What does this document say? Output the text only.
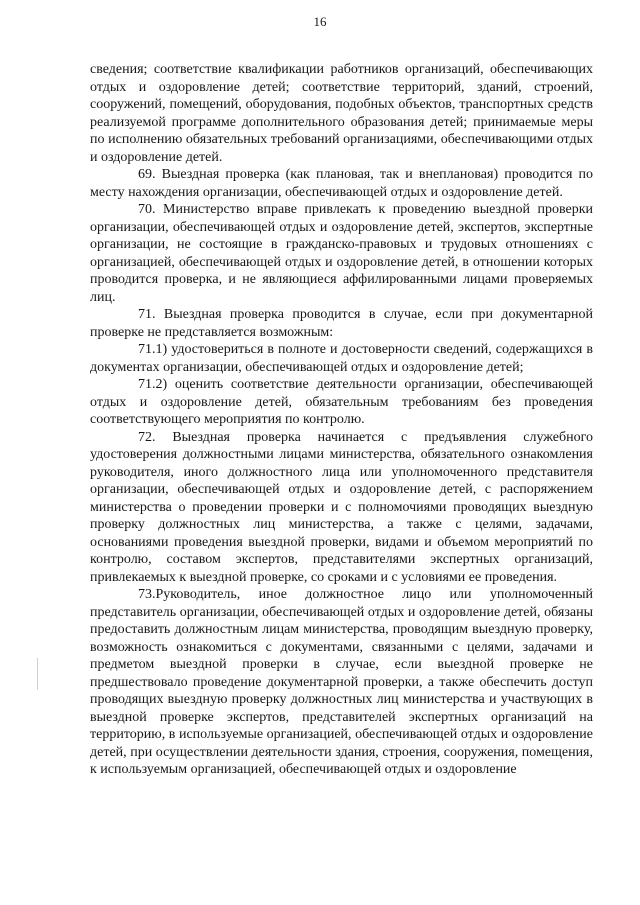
16

сведения; соответствие квалификации работников организаций, обеспечивающих отдых и оздоровление детей; соответствие территорий, зданий, строений, сооружений, помещений, оборудования, подобных объектов, транспортных средств реализуемой программе дополнительного образования детей; принимаемые меры по исполнению обязательных требований организациями, обеспечивающими отдых и оздоровление детей.

69. Выездная проверка (как плановая, так и внеплановая) проводится по месту нахождения организации, обеспечивающей отдых и оздоровление детей.

70. Министерство вправе привлекать к проведению выездной проверки организации, обеспечивающей отдых и оздоровление детей, экспертов, экспертные организации, не состоящие в гражданско-правовых и трудовых отношениях с организацией, обеспечивающей отдых и оздоровление детей, в отношении которых проводится проверка, и не являющиеся аффилированными лицами проверяемых лиц.

71. Выездная проверка проводится в случае, если при документарной проверке не представляется возможным:

71.1) удостовериться в полноте и достоверности сведений, содержащихся в документах организации, обеспечивающей отдых и оздоровление детей;

71.2) оценить соответствие деятельности организации, обеспечивающей отдых и оздоровление детей, обязательным требованиям без проведения соответствующего мероприятия по контролю.

72. Выездная проверка начинается с предъявления служебного удостоверения должностными лицами министерства, обязательного ознакомления руководителя, иного должностного лица или уполномоченного представителя организации, обеспечивающей отдых и оздоровление детей, с распоряжением министерства о проведении проверки и с полномочиями проводящих выездную проверку должностных лиц министерства, а также с целями, задачами, основаниями проведения выездной проверки, видами и объемом мероприятий по контролю, составом экспертов, представителями экспертных организаций, привлекаемых к выездной проверке, со сроками и с условиями ее проведения.

73.Руководитель, иное должностное лицо или уполномоченный представитель организации, обеспечивающей отдых и оздоровление детей, обязаны предоставить должностным лицам министерства, проводящим выездную проверку, возможность ознакомиться с документами, связанными с целями, задачами и предметом выездной проверки в случае, если выездной проверке не предшествовало проведение документарной проверки, а также обеспечить доступ проводящих выездную проверку должностных лиц министерства и участвующих в выездной проверке экспертов, представителей экспертных организаций на территорию, в используемые организацией, обеспечивающей отдых и оздоровление детей, при осуществлении деятельности здания, строения, сооружения, помещения, к используемым организацией, обеспечивающей отдых и оздоровление
